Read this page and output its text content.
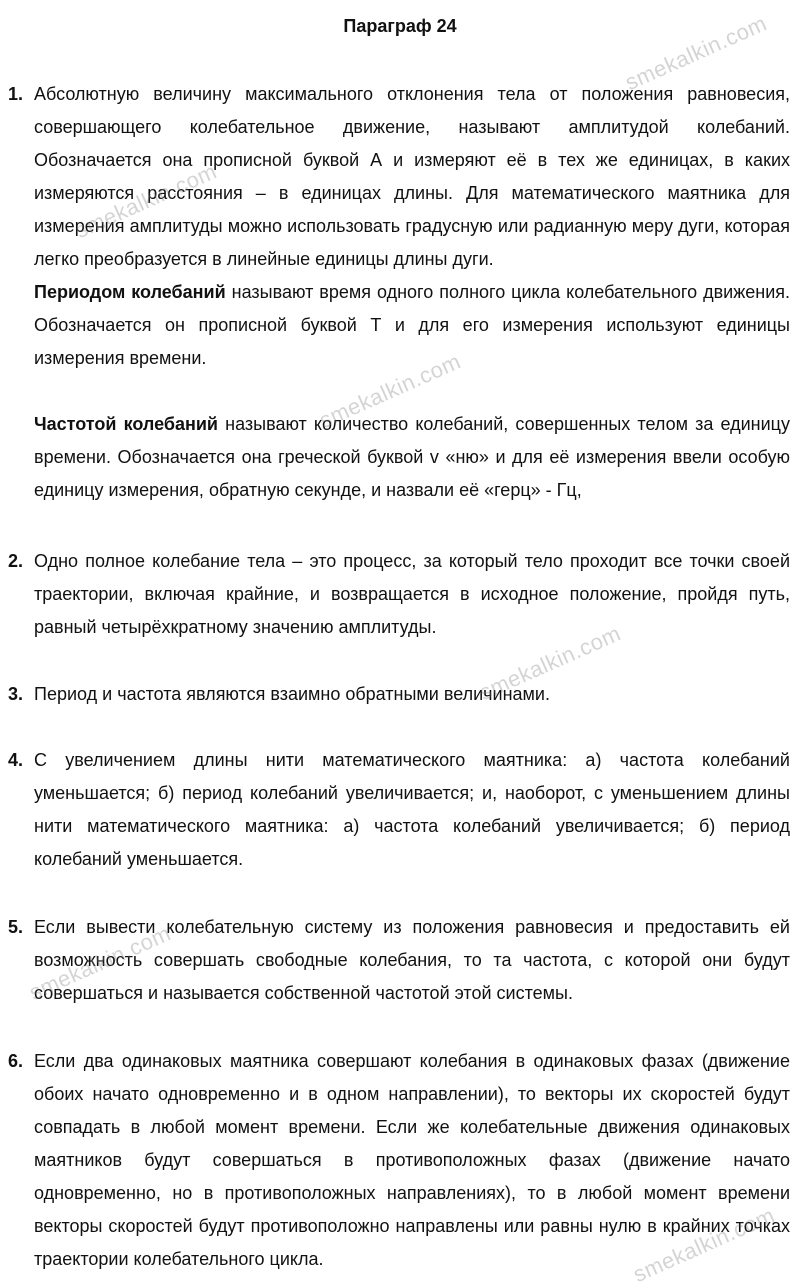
Параграф 24
1. Абсолютную величину максимального отклонения тела от положения равновесия, совершающего колебательное движение, называют амплитудой колебаний. Обозначается она прописной буквой А и измеряют её в тех же единицах, в каких измеряются расстояния – в единицах длины. Для математического маятника для измерения амплитуды можно использовать градусную или радианную меру дуги, которая легко преобразуется в линейные единицы длины дуги.

Периодом колебаний называют время одного полного цикла колебательного движения. Обозначается он прописной буквой Т и для его измерения используют единицы измерения времени.

Частотой колебаний называют количество колебаний, совершенных телом за единицу времени. Обозначается она греческой буквой v «ню» и для её измерения ввели особую единицу измерения, обратную секунде, и назвали её «герц» - Гц,

2. Одно полное колебание тела – это процесс, за который тело проходит все точки своей траектории, включая крайние, и возвращается в исходное положение, пройдя путь, равный четырёхкратному значению амплитуды.

3. Период и частота являются взаимно обратными величинами.

4. С увеличением длины нити математического маятника: а) частота колебаний уменьшается; б) период колебаний увеличивается; и, наоборот, с уменьшением длины нити математического маятника: а) частота колебаний увеличивается; б) период колебаний уменьшается.

5. Если вывести колебательную систему из положения равновесия и предоставить ей возможность совершать свободные колебания, то та частота, с которой они будут совершаться и называется собственной частотой этой системы.

6. Если два одинаковых маятника совершают колебания в одинаковых фазах (движение обоих начато одновременно и в одном направлении), то векторы их скоростей будут совпадать в любой момент времени. Если же колебательные движения одинаковых маятников будут совершаться в противоположных фазах (движение начато одновременно, но в противоположных направлениях), то в любой момент времени векторы скоростей будут противоположно направлены или равны нулю в крайних точках траектории колебательного цикла.

smekalkin.com
smekalkin.com
smekalkin.com
smekalkin.com
smekalkin.com
smekalkin.com
